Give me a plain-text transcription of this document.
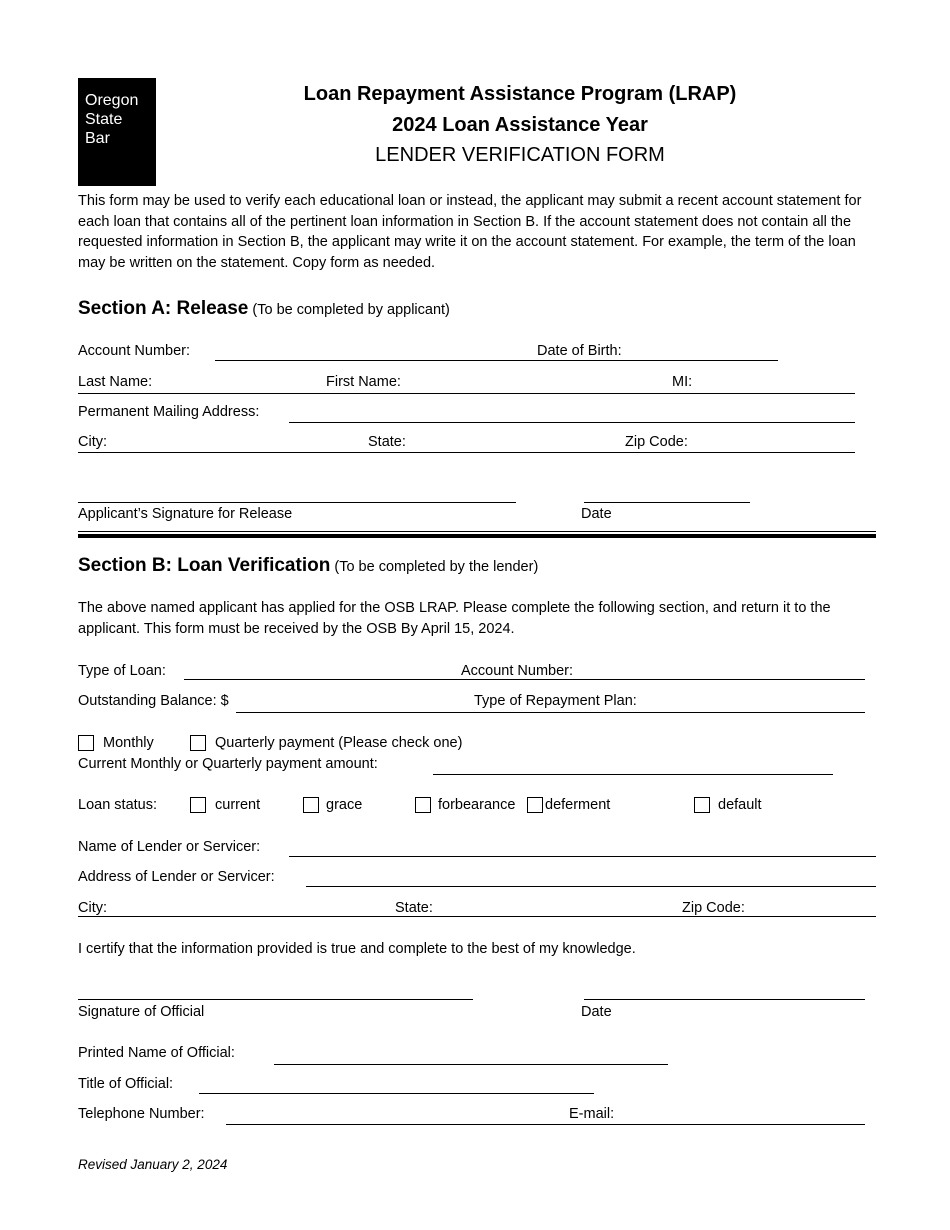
Oregon
State
Bar
Loan Repayment Assistance Program (LRAP)
2024 Loan Assistance Year
LENDER VERIFICATION FORM
This form may be used to verify each educational loan or instead, the applicant may submit a recent account statement for each loan that contains all of the pertinent loan information in Section B. If the account statement does not contain all the requested information in Section B, the applicant may write it on the account statement. For example, the term of the loan may be written on the statement. Copy form as needed.
Section A: Release (To be completed by applicant)
Account Number:	Date of Birth:
Last Name:	First Name:	MI:
Permanent Mailing Address:
City:	State:	Zip Code:
Applicant’s Signature for Release	Date
Section B: Loan Verification (To be completed by the lender)
The above named applicant has applied for the OSB LRAP. Please complete the following section, and return it to the applicant. This form must be received by the OSB By April 15, 2024.
Type of Loan:	Account Number:
Outstanding Balance: $	Type of Repayment Plan:
Monthly	Quarterly payment (Please check one)
Current Monthly or Quarterly payment amount:
Loan status:	current	grace	forbearance deferment	default
Name of Lender or Servicer:
Address of Lender or Servicer:
City:	State:	Zip Code:
I certify that the information provided is true and complete to the best of my knowledge.
Signature of Official	Date
Printed Name of Official:
Title of Official:
Telephone Number:	E-mail:
Revised January 2, 2024
